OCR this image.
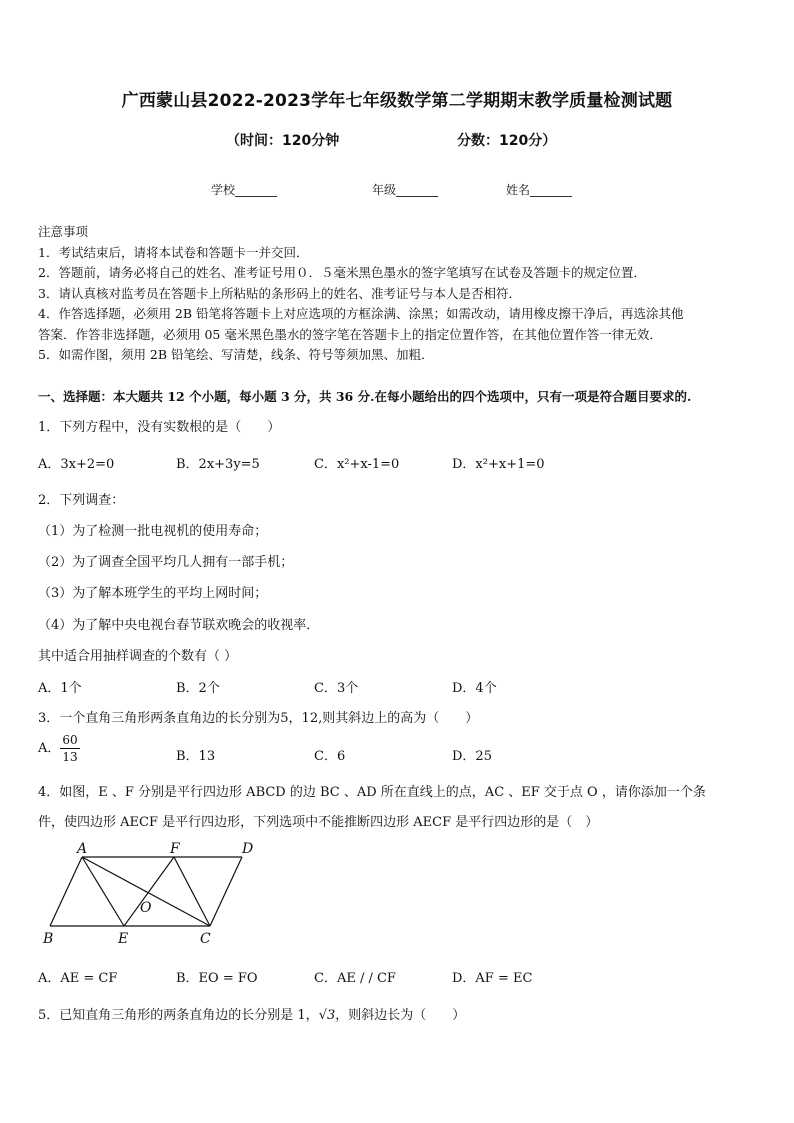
广西蒙山县2022-2023学年七年级数学第二学期期末教学质量检测试题
（时间：120分钟	分数：120分）
学校_______	年级_______	姓名_______
注意事项
1．考试结束后，请将本试卷和答题卡一并交回．
2．答题前，请务必将自己的姓名、准考证号用０．５毫米黑色墨水的签字笔填写在试卷及答题卡的规定位置．
3．请认真核对监考员在答题卡上所粘贴的条形码上的姓名、准考证号与本人是否相符．
4．作答选择题，必须用 2B 铅笔将答题卡上对应选项的方框涂满、涂黑；如需改动，请用橡皮擦干净后，再选涂其他
答案．作答非选择题，必须用 05 毫米黑色墨水的签字笔在答题卡上的指定位置作答，在其他位置作答一律无效．
5．如需作图，须用 2B 铅笔绘、写清楚，线条、符号等须加黑、加粗．
一、选择题：本大题共 12 个小题，每小题 3 分，共 36 分.在每小题给出的四个选项中，只有一项是符合题目要求的.
1．下列方程中，没有实数根的是（　　）
A．3x+2=0	B．2x+3y=5	C．x²+x-1=0	D．x²+x+1=0
2．下列调查：
（1）为了检测一批电视机的使用寿命；
（2）为了调查全国平均几人拥有一部手机；
（3）为了解本班学生的平均上网时间；
（4）为了解中央电视台春节联欢晚会的收视率．
其中适合用抽样调查的个数有（ ）
A．1个	B．2个	C．3个	D．4个
3．一个直角三角形两条直角边的长分别为5，12,则其斜边上的高为（　　）
A． $\frac{60}{13}$	B．13	C．6	D．25
4．如图，E 、F 分别是平行四边形 ABCD 的边 BC 、AD 所在直线上的点，AC 、EF 交于点 O ，请你添加一个条
件，使四边形 AECF 是平行四边形，下列选项中不能推断四边形 AECF 是平行四边形的是（　）
A	F	D
O
B	E	C
A．AE = CF	B．EO = FO	C．AE / / CF	D．AF = EC
5．已知直角三角形的两条直角边的长分别是 1，√3，则斜边长为（　　）
